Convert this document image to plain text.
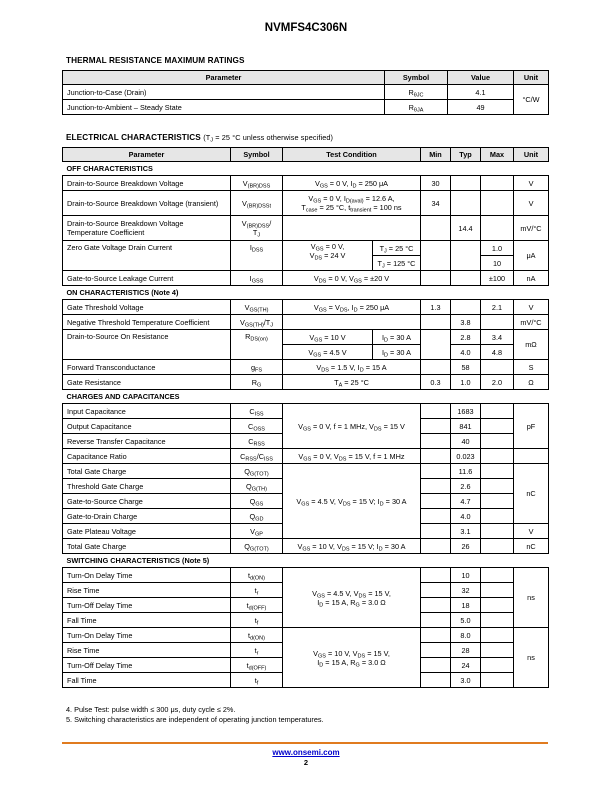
NVMFS4C306N
THERMAL RESISTANCE MAXIMUM RATINGS
Parameter	Symbol	Value	Unit
Junction-to-Case (Drain)	$R_{\theta JC}$	4.1	°C/W
Junction-to-Ambient – Steady State	$R_{\theta JA}$	49	
ELECTRICAL CHARACTERISTICS ($T_J = 25$ °C unless otherwise specified)
Parameter	Symbol	Test Condition		Min	Typ	Max	Unit
OFF CHARACTERISTICS							
Drain-to-Source Breakdown Voltage	$V_{(BR)DSS}$	$V_{GS} = 0$ V, $I_D = 250$ μA		30			V
Drain-to-Source Breakdown Voltage (transient)	$V_{(BR)DSSt}$	$V_{GS} = 0$ V, $I_{D(aval)} = 12.6$ A,
$T_{case} = 25$ °C, $t_{transient} = 100$ ns		34			V
Drain-to-Source Breakdown Voltage Temperature Coefficient	$V_{(BR)DSS}/$
$T_J$				14.4		mV/°C
Zero Gate Voltage Drain Current	$I_{DSS}$	$V_{GS} = 0$ V,
$V_{DS} = 24$ V	$T_J = 25$ °C			1.0	μA
			$T_J = 125$ °C			10	
Gate-to-Source Leakage Current	$I_{GSS}$	$V_{DS} = 0$ V, $V_{GS} = \pm 20$ V				±100	nA
ON CHARACTERISTICS (Note 4)							
Gate Threshold Voltage	$V_{GS(TH)}$	$V_{GS} = V_{DS}$, $I_D = 250$ μA		1.3		2.1	V
Negative Threshold Temperature Coefficient	$V_{GS(TH)}/T_J$				3.8		mV/°C
Drain-to-Source On Resistance	$R_{DS(on)}$	$V_{GS} = 10$ V	$I_D = 30$ A		2.8	3.4	mΩ
		$V_{GS} = 4.5$ V	$I_D = 30$ A		4.0	4.8	
Forward Transconductance	$g_{FS}$	$V_{DS} = 1.5$ V, $I_D = 15$ A			58		S
Gate Resistance	$R_G$	$T_A = 25$ °C		0.3	1.0	2.0	Ω
CHARGES AND CAPACITANCES							
Input Capacitance	$C_{ISS}$	$V_{GS} = 0$ V, f = 1 MHz, $V_{DS} = 15$ V			1683		pF
Output Capacitance	$C_{OSS}$				841		
Reverse Transfer Capacitance	$C_{RSS}$				40		
Capacitance Ratio	$C_{RSS}/C_{ISS}$	$V_{GS} = 0$ V, $V_{DS} = 15$ V, f = 1 MHz			0.023		
Total Gate Charge	$Q_{G(TOT)}$	$V_{GS} = 4.5$ V, $V_{DS} = 15$ V; $I_D = 30$ A			11.6		nC
Threshold Gate Charge	$Q_{G(TH)}$				2.6		
Gate-to-Source Charge	$Q_{GS}$				4.7		
Gate-to-Drain Charge	$Q_{GD}$				4.0		
Gate Plateau Voltage	$V_{GP}$				3.1		V
Total Gate Charge	$Q_{G(TOT)}$	$V_{GS} = 10$ V, $V_{DS} = 15$ V; $I_D = 30$ A			26		nC
SWITCHING CHARACTERISTICS (Note 5)							
Turn-On Delay Time	$t_{d(ON)}$	$V_{GS} = 4.5$ V, $V_{DS} = 15$ V,
$I_D = 15$ A, $R_G = 3.0$ Ω			10		ns
Rise Time	$t_r$				32		
Turn-Off Delay Time	$t_{d(OFF)}$				18		
Fall Time	$t_f$				5.0		
Turn-On Delay Time	$t_{d(ON)}$	$V_{GS} = 10$ V, $V_{DS} = 15$ V,
$I_D = 15$ A, $R_G = 3.0$ Ω			8.0		ns
Rise Time	$t_r$				28		
Turn-Off Delay Time	$t_{d(OFF)}$				24		
Fall Time	$t_f$				3.0		
4. Pulse Test: pulse width ≤ 300 μs, duty cycle ≤ 2%.
5. Switching characteristics are independent of operating junction temperatures.
www.onsemi.com
2
